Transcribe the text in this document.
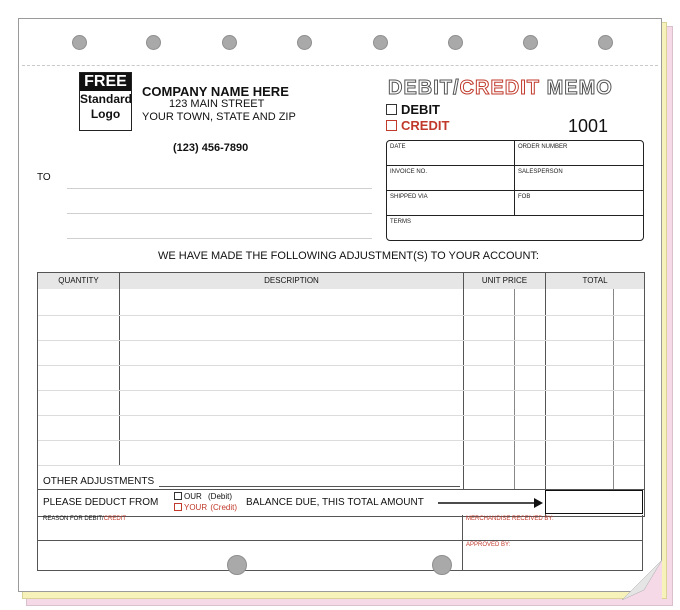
FREE
Standard
Logo
COMPANY NAME HERE
123 MAIN STREET
YOUR TOWN, STATE AND ZIP
(123) 456-7890
TO
DEBIT/CREDIT MEMO
DEBIT
CREDIT	1001
DATE	ORDER NUMBER
INVOICE NO.	SALESPERSON
SHIPPED VIA	FOB
TERMS
WE HAVE MADE THE FOLLOWING ADJUSTMENT(S) TO YOUR ACCOUNT:
QUANTITY	DESCRIPTION	UNIT PRICE	TOTAL
OTHER ADJUSTMENTS
PLEASE DEDUCT FROM
OUR (Debit)
YOUR (Credit) BALANCE DUE, THIS TOTAL AMOUNT
REASON FOR DEBIT/CREDIT	MERCHANDISE RECEIVED BY:
APPROVED BY:
